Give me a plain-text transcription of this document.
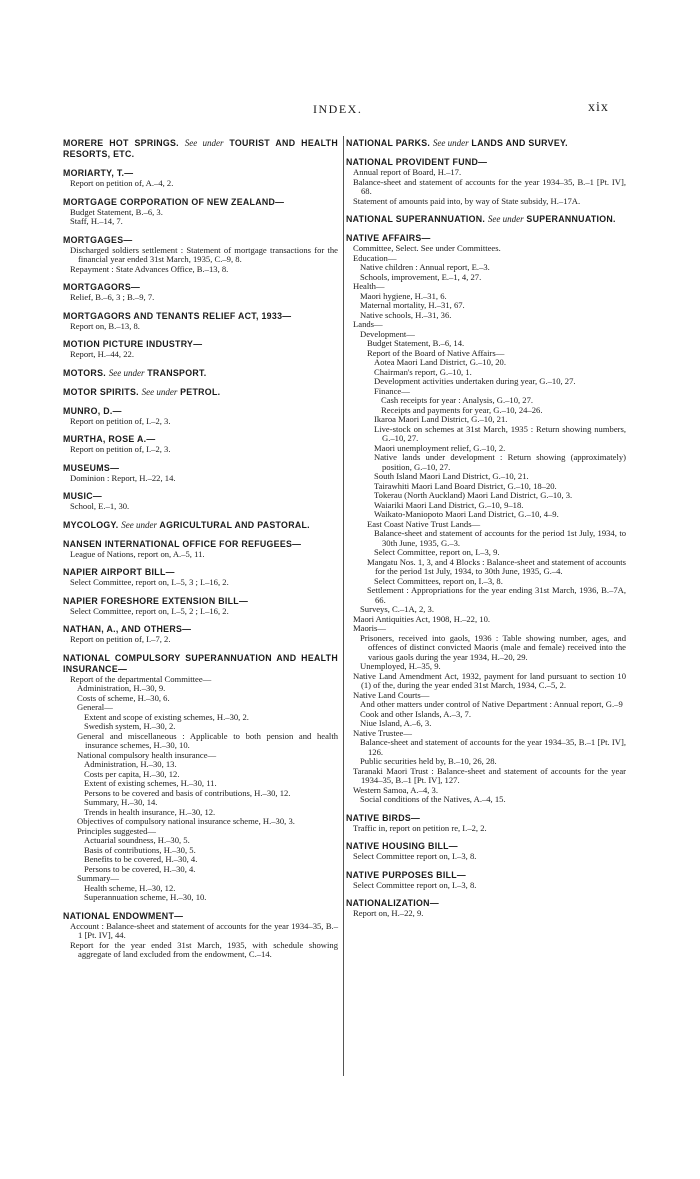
INDEX.	xix
MORERE HOT SPRINGS. See under TOURIST AND HEALTH RESORTS, ETC.
MORIARTY, T.—
Report on petition of, A.–4, 2.
MORTGAGE CORPORATION OF NEW ZEALAND—
Budget Statement, B.–6, 3.
Staff, H.–14, 7.
MORTGAGES—
Discharged soldiers settlement : Statement of mortgage transactions for the financial year ended 31st March, 1935, C.–9, 8.
Repayment : State Advances Office, B.–13, 8.
MORTGAGORS—
Relief, B.–6, 3 ; B.–9, 7.
MORTGAGORS AND TENANTS RELIEF ACT, 1933—
Report on, B.–13, 8.
MOTION PICTURE INDUSTRY—
Report, H.–44, 22.
MOTORS. See under TRANSPORT.
MOTOR SPIRITS. See under PETROL.
MUNRO, D.—
Report on petition of, I.–2, 3.
MURTHA, ROSE A.—
Report on petition of, I.–2, 3.
MUSEUMS—
Dominion : Report, H.–22, 14.
MUSIC—
School, E.–1, 30.
MYCOLOGY. See under AGRICULTURAL AND PASTORAL.
NANSEN INTERNATIONAL OFFICE FOR REFUGEES—
League of Nations, report on, A.–5, 11.
NAPIER AIRPORT BILL—
Select Committee, report on, I.–5, 3 ; I.–16, 2.
NAPIER FORESHORE EXTENSION BILL—
Select Committee, report on, I.–5, 2 ; I.–16, 2.
NATHAN, A., AND OTHERS—
Report on petition of, I.–7, 2.
NATIONAL COMPULSORY SUPERANNUATION AND HEALTH INSURANCE—
Report of the departmental Committee—
Administration, H.–30, 9.
Costs of scheme, H.–30, 6.
General—
Extent and scope of existing schemes, H.–30, 2.
Swedish system, H.–30, 2.
General and miscellaneous : Applicable to both pension and health insurance schemes, H.–30, 10.
National compulsory health insurance—
Administration, H.–30, 13.
Costs per capita, H.–30, 12.
Extent of existing schemes, H.–30, 11.
Persons to be covered and basis of contributions, H.–30, 12.
Summary, H.–30, 14.
Trends in health insurance, H.–30, 12.
Objectives of compulsory national insurance scheme, H.–30, 3.
Principles suggested—
Actuarial soundness, H.–30, 5.
Basis of contributions, H.–30, 5.
Benefits to be covered, H.–30, 4.
Persons to be covered, H.–30, 4.
Summary—
Health scheme, H.–30, 12.
Superannuation scheme, H.–30, 10.
NATIONAL ENDOWMENT—
Account : Balance-sheet and statement of accounts for the year 1934–35, B.–1 [Pt. IV], 44.
Report for the year ended 31st March, 1935, with schedule showing aggregate of land excluded from the endowment, C.–14.
NATIONAL PARKS. See under LANDS AND SURVEY.
NATIONAL PROVIDENT FUND—
Annual report of Board, H.–17.
Balance-sheet and statement of accounts for the year 1934–35, B.–1 [Pt. IV], 68.
Statement of amounts paid into, by way of State subsidy, H.–17A.
NATIONAL SUPERANNUATION. See under SUPERANNUATION.
NATIVE AFFAIRS—
Committee, Select. See under Committees.
Education—
Native children : Annual report, E.–3.
Schools, improvement, E.–1, 4, 27.
Health—
Maori hygiene, H.–31, 6.
Maternal mortality, H.–31, 67.
Native schools, H.–31, 36.
Lands—
Development—
Budget Statement, B.–6, 14.
Report of the Board of Native Affairs—
Aotea Maori Land District, G.–10, 20.
Chairman's report, G.–10, 1.
Development activities undertaken during year, G.–10, 27.
Finance—
Cash receipts for year : Analysis, G.–10, 27.
Receipts and payments for year, G.–10, 24–26.
Ikaroa Maori Land District, G.–10, 21.
Live-stock on schemes at 31st March, 1935 : Return showing numbers, G.–10, 27.
Maori unemployment relief, G.–10, 2.
Native lands under development : Return showing (approximately) position, G.–10, 27.
South Island Maori Land District, G.–10, 21.
Tairawhiti Maori Land Board District, G.–10, 18–20.
Tokerau (North Auckland) Maori Land District, G.–10, 3.
Waiariki Maori Land District, G.–10, 9–18.
Waikato-Maniopoto Maori Land District, G.–10, 4–9.
East Coast Native Trust Lands—
Balance-sheet and statement of accounts for the period 1st July, 1934, to 30th June, 1935, G.–3.
Select Committee, report on, I.–3, 9.
Mangatu Nos. 1, 3, and 4 Blocks : Balance-sheet and statement of accounts for the period 1st July, 1934, to 30th June, 1935, G.–4.
Select Committees, report on, I.–3, 8.
Settlement : Appropriations for the year ending 31st March, 1936, B.–7A, 66.
Surveys, C.–1A, 2, 3.
Maori Antiquities Act, 1908, H.–22, 10.
Maoris—
Prisoners, received into gaols, 1936 : Table showing number, ages, and offences of distinct convicted Maoris (male and female) received into the various gaols during the year 1934, H.–20, 29.
Unemployed, H.–35, 9.
Native Land Amendment Act, 1932, payment for land pursuant to section 10 (1) of the, during the year ended 31st March, 1934, C.–5, 2.
Native Land Courts—
And other matters under control of Native Department : Annual report, G.–9
Cook and other Islands, A.–3, 7.
Niue Island, A.–6, 3.
Native Trustee—
Balance-sheet and statement of accounts for the year 1934–35, B.–1 [Pt. IV], 126.
Public securities held by, B.–10, 26, 28.
Taranaki Maori Trust : Balance-sheet and statement of accounts for the year 1934–35, B.–1 [Pt. IV], 127.
Western Samoa, A.–4, 3.
Social conditions of the Natives, A.–4, 15.
NATIVE BIRDS—
Traffic in, report on petition re, I.–2, 2.
NATIVE HOUSING BILL—
Select Committee report on, I.–3, 8.
NATIVE PURPOSES BILL—
Select Committee report on, I.–3, 8.
NATIONALIZATION—
Report on, H.–22, 9.
